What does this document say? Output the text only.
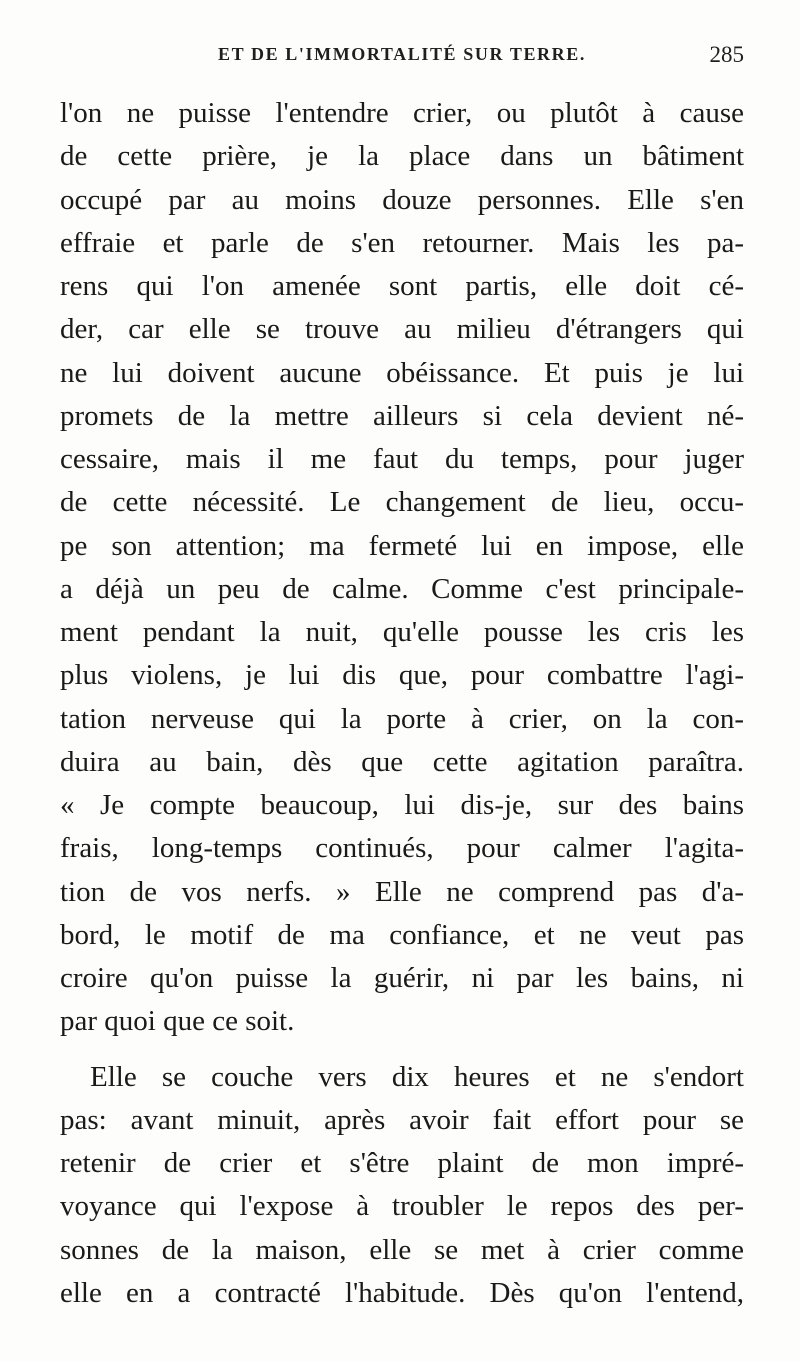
ET DE L'IMMORTALITÉ SUR TERRE.	285
l'on ne puisse l'entendre crier, ou plutôt à cause
de cette prière, je la place dans un bâtiment
occupé par au moins douze personnes. Elle s'en
effraie et parle de s'en retourner. Mais les pa-
rens qui l'on amenée sont partis, elle doit cé-
der, car elle se trouve au milieu d'étrangers qui
ne lui doivent aucune obéissance. Et puis je lui
promets de la mettre ailleurs si cela devient né-
cessaire, mais il me faut du temps, pour juger
de cette nécessité. Le changement de lieu, occu-
pe son attention; ma fermeté lui en impose, elle
a déjà un peu de calme. Comme c'est principale-
ment pendant la nuit, qu'elle pousse les cris les
plus violens, je lui dis que, pour combattre l'agi-
tation nerveuse qui la porte à crier, on la con-
duira au bain, dès que cette agitation paraîtra.
« Je compte beaucoup, lui dis-je, sur des bains
frais, long-temps continués, pour calmer l'agita-
tion de vos nerfs. » Elle ne comprend pas d'a-
bord, le motif de ma confiance, et ne veut pas
croire qu'on puisse la guérir, ni par les bains, ni
par quoi que ce soit.
Elle se couche vers dix heures et ne s'endort
pas: avant minuit, après avoir fait effort pour se
retenir de crier et s'être plaint de mon impré-
voyance qui l'expose à troubler le repos des per-
sonnes de la maison, elle se met à crier comme
elle en a contracté l'habitude. Dès qu'on l'entend,
